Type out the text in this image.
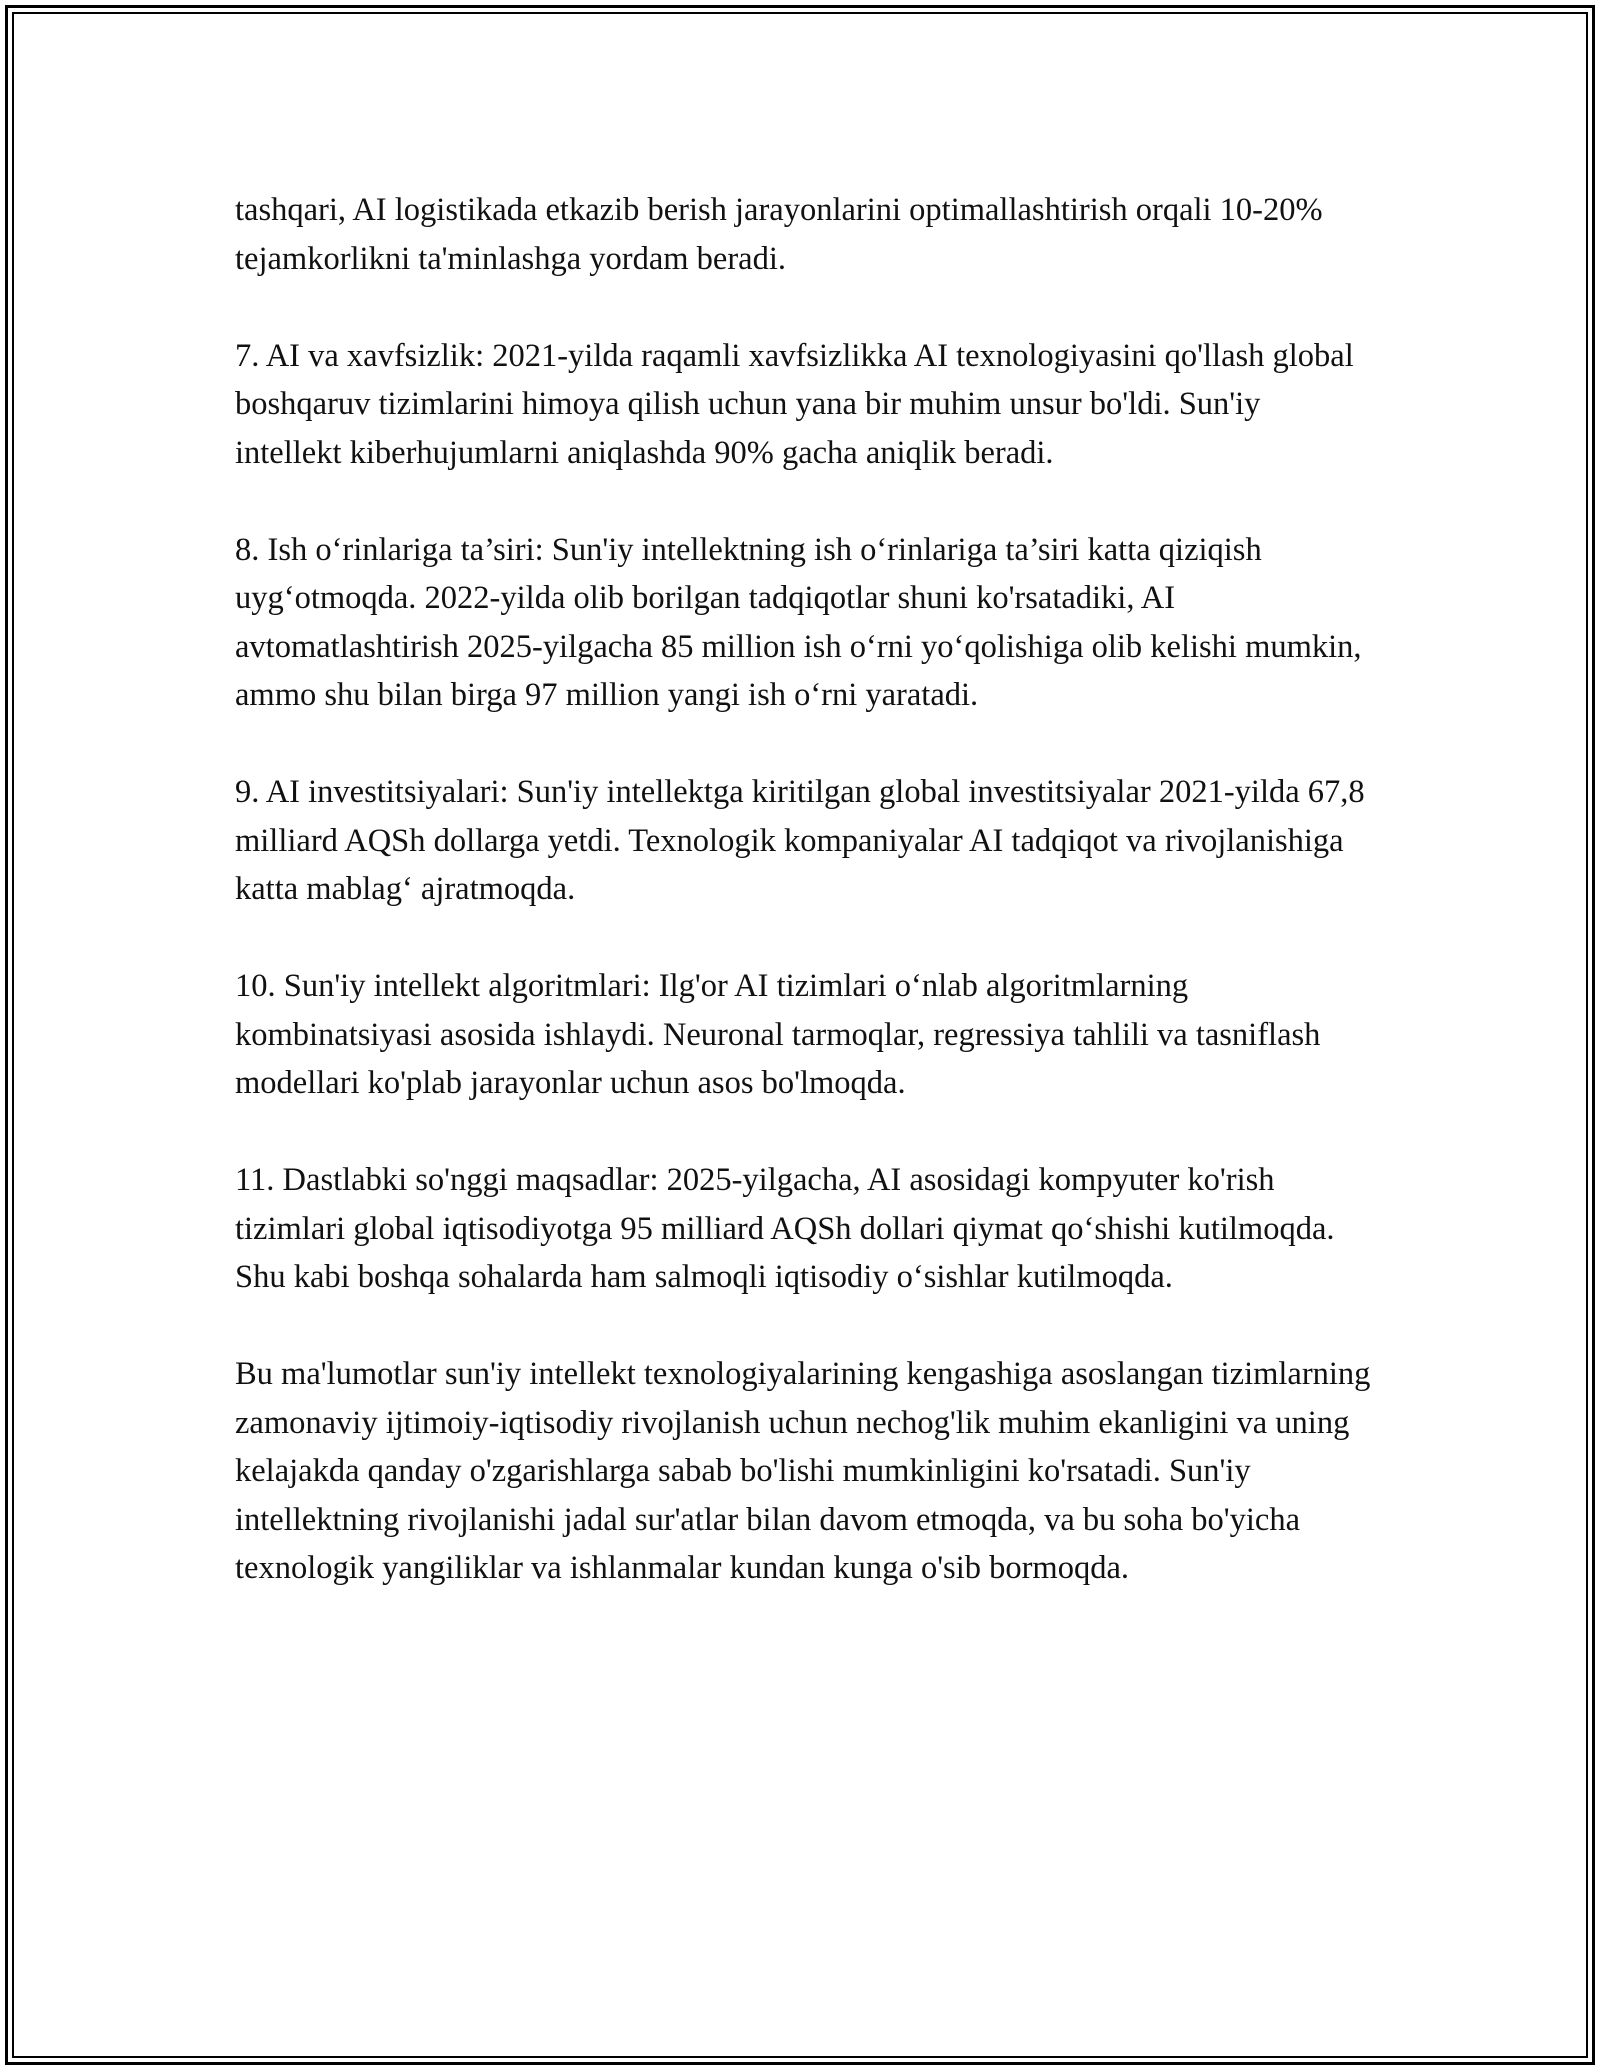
tashqari, AI logistikada etkazib berish jarayonlarini optimallashtirish orqali 10-20% tejamkorlikni ta'minlashga yordam beradi.

7. AI va xavfsizlik: 2021-yilda raqamli xavfsizlikka AI texnologiyasini qo'llash global boshqaruv tizimlarini himoya qilish uchun yana bir muhim unsur bo'ldi. Sun'iy intellekt kiberhujumlarni aniqlashda 90% gacha aniqlik beradi.

8. Ish o‘rinlariga ta’siri: Sun'iy intellektning ish o‘rinlariga ta’siri katta qiziqish uyg‘otmoqda. 2022-yilda olib borilgan tadqiqotlar shuni ko'rsatadiki, AI avtomatlashtirish 2025-yilgacha 85 million ish o‘rni yo‘qolishiga olib kelishi mumkin, ammo shu bilan birga 97 million yangi ish o‘rni yaratadi.

9. AI investitsiyalari: Sun'iy intellektga kiritilgan global investitsiyalar 2021-yilda 67,8 milliard AQSh dollarga yetdi. Texnologik kompaniyalar AI tadqiqot va rivojlanishiga katta mablag‘ ajratmoqda.

10. Sun'iy intellekt algoritmlari: Ilg'or AI tizimlari o‘nlab algoritmlarning kombinatsiyasi asosida ishlaydi. Neuronal tarmoqlar, regressiya tahlili va tasniflash modellari ko'plab jarayonlar uchun asos bo'lmoqda.

11. Dastlabki so'nggi maqsadlar: 2025-yilgacha, AI asosidagi kompyuter ko'rish tizimlari global iqtisodiyotga 95 milliard AQSh dollari qiymat qo‘shishi kutilmoqda. Shu kabi boshqa sohalarda ham salmoqli iqtisodiy o‘sishlar kutilmoqda.

Bu ma'lumotlar sun'iy intellekt texnologiyalarining kengashiga asoslangan tizimlarning zamonaviy ijtimoiy-iqtisodiy rivojlanish uchun nechog'lik muhim ekanligini va uning kelajakda qanday o'zgarishlarga sabab bo'lishi mumkinligini ko'rsatadi. Sun'iy intellektning rivojlanishi jadal sur'atlar bilan davom etmoqda, va bu soha bo'yicha texnologik yangiliklar va ishlanmalar kundan kunga o'sib bormoqda.
